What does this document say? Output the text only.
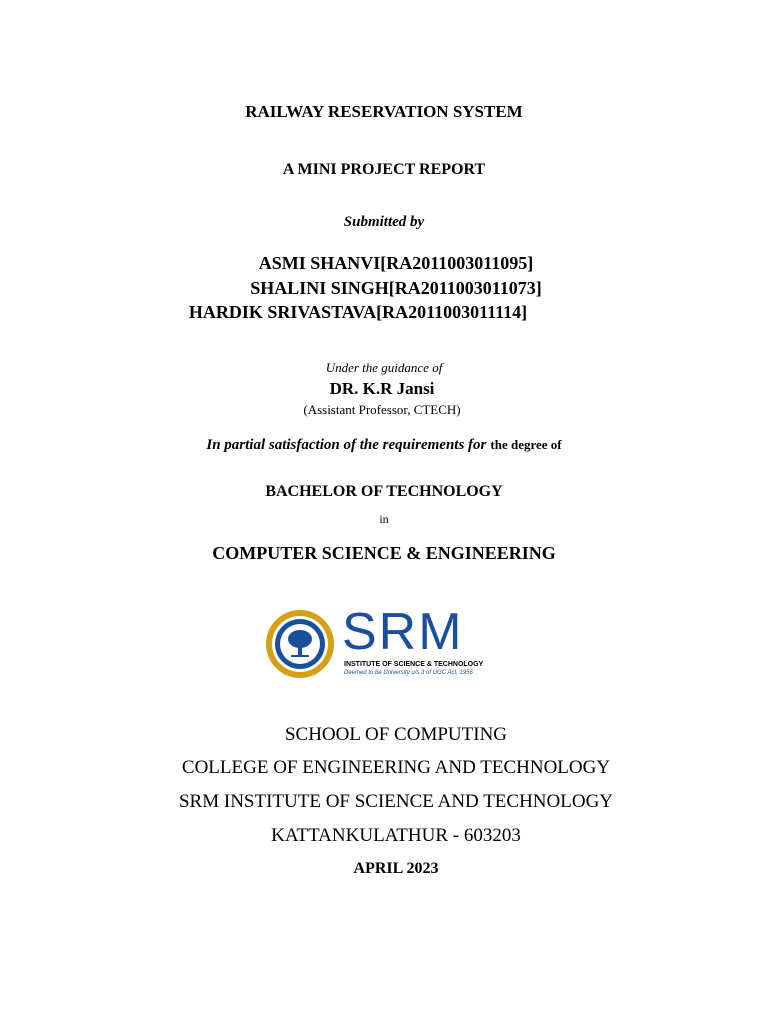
RAILWAY RESERVATION SYSTEM
A MINI PROJECT REPORT
Submitted by
ASMI SHANVI[RA2011003011095]
SHALINI SINGH[RA2011003011073]
HARDIK SRIVASTAVA[RA2011003011114]
Under the guidance of
DR. K.R Jansi
(Assistant Professor, CTECH)
In partial satisfaction of the requirements for the degree of
BACHELOR OF TECHNOLOGY
in
COMPUTER SCIENCE & ENGINEERING
SRM
INSTITUTE OF SCIENCE & TECHNOLOGY
Deemed to be University u/s 3 of UGC Act, 1956
SCHOOL OF COMPUTING
COLLEGE OF ENGINEERING AND TECHNOLOGY
SRM INSTITUTE OF SCIENCE AND TECHNOLOGY
KATTANKULATHUR - 603203
APRIL 2023
